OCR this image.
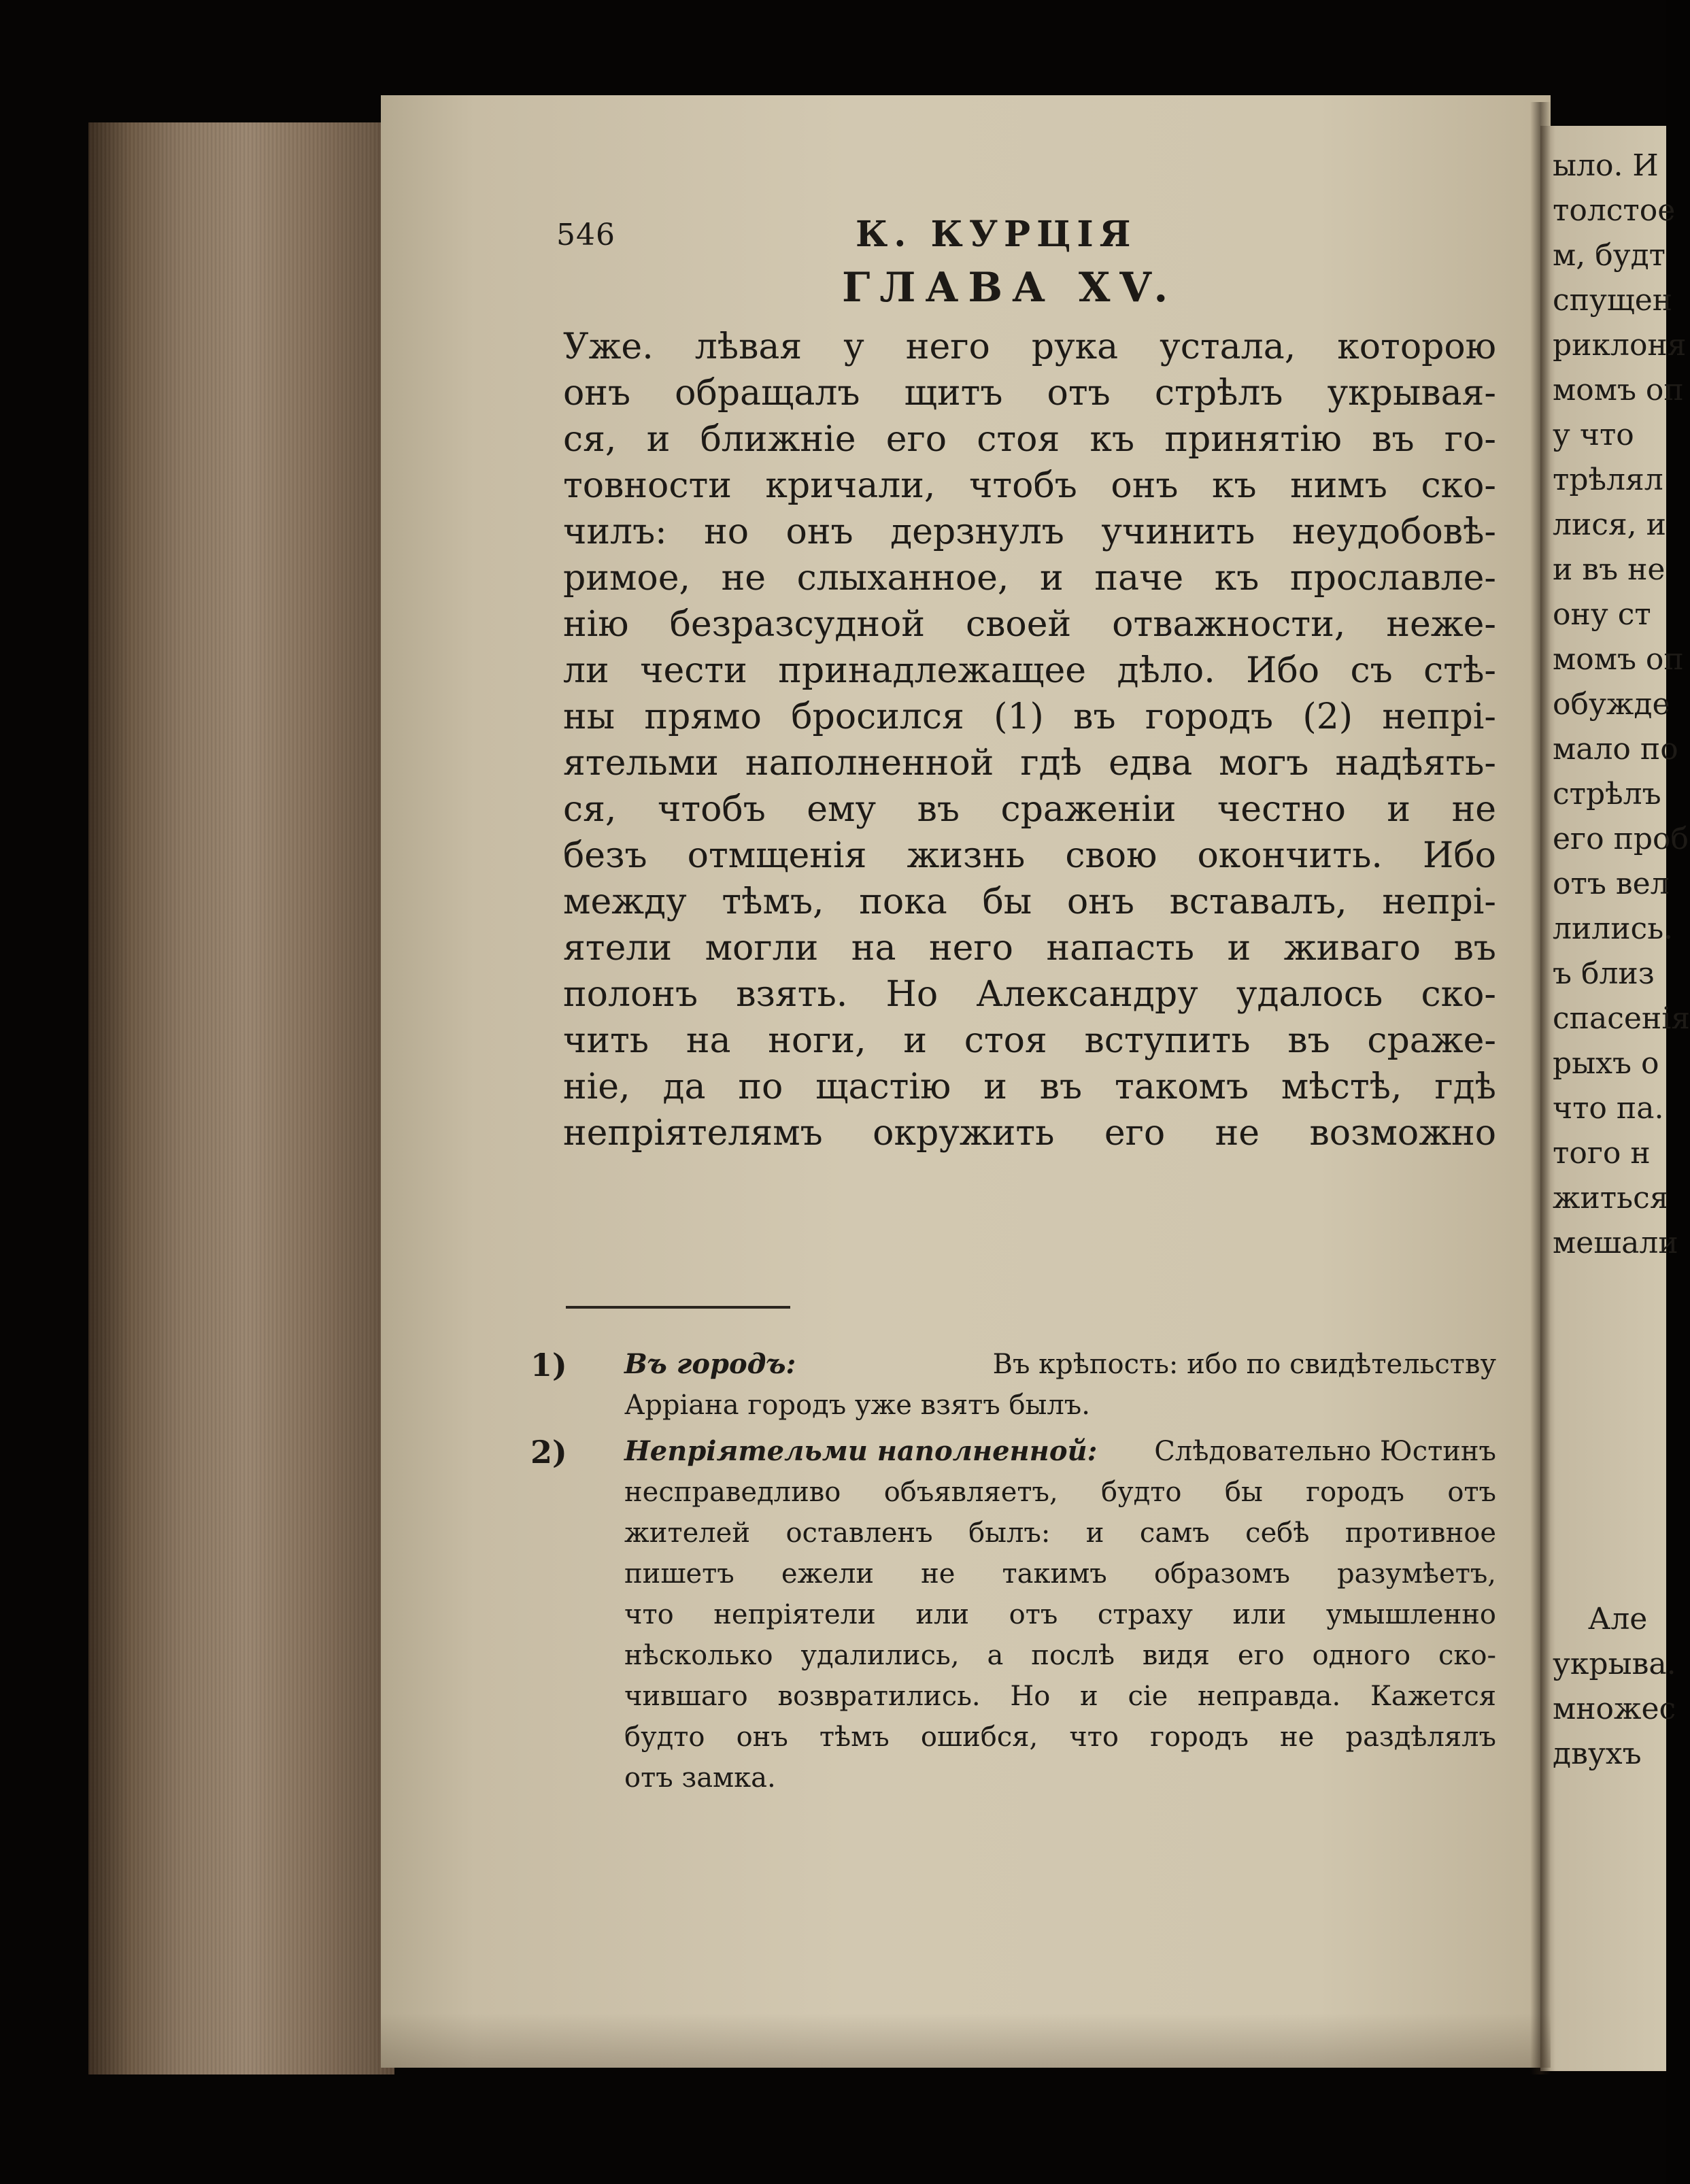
ыло. И
толстое
м, будт
спущен
риклоня
момъ оп
у что
трѣлял
лися, и
и въ не
ону ст
момъ оп
обужде
мало по
стрѣлъ
его проб
отъ вел
лились.
ъ близ
спасенія
рыхъ о
что па.
того н
житься
мешали
Але
укрыва.
множес
двухъ
546	К. КУРЦІЯ
ГЛАВА XV.
Уже. лѣвая у него рука устала, которою
онъ обращалъ щитъ отъ стрѣлъ укрывая-
ся, и ближніе его стоя къ принятію въ го-
товности кричали, чтобъ онъ къ нимъ ско-
чилъ: но онъ дерзнулъ учинить неудобовѣ-
римое, не слыханное, и паче къ прославле-
нію безразсудной своей отважности, неже-
ли чести принадлежащее дѣло. Ибо съ стѣ-
ны прямо бросился (1) въ городъ (2) непрі-
ятельми наполненной гдѣ едва могъ надѣять-
ся, чтобъ ему въ сраженіи честно и не
безъ отмщенія жизнь свою окончить. Ибо
между тѣмъ, пока бы онъ вставалъ, непрі-
ятели могли на него напасть и живаго въ
полонъ взять. Но Александру удалось ско-
чить на ноги, и стоя вступить въ сраже-
ніе, да по щастію и въ такомъ мѣстѣ, гдѣ
непріятелямъ окружить его не возможно
1) Въ городъ:	Въ крѣпость: ибо по свидѣтельству
Арріана городъ уже взятъ былъ.
2) Непріятельми наполненной: Слѣдовательно Юстинъ
несправедливо объявляетъ, будто бы городъ отъ
жителей оставленъ былъ: и самъ себѣ противное
пишетъ ежели не такимъ образомъ разумѣетъ,
что непріятели или отъ страху или умышленно
нѣсколько удалились, а послѣ видя его одного ско-
чившаго возвратились. Но и сіе неправда. Кажется
будто онъ тѣмъ ошибся, что городъ не раздѣлялъ
отъ замка.
